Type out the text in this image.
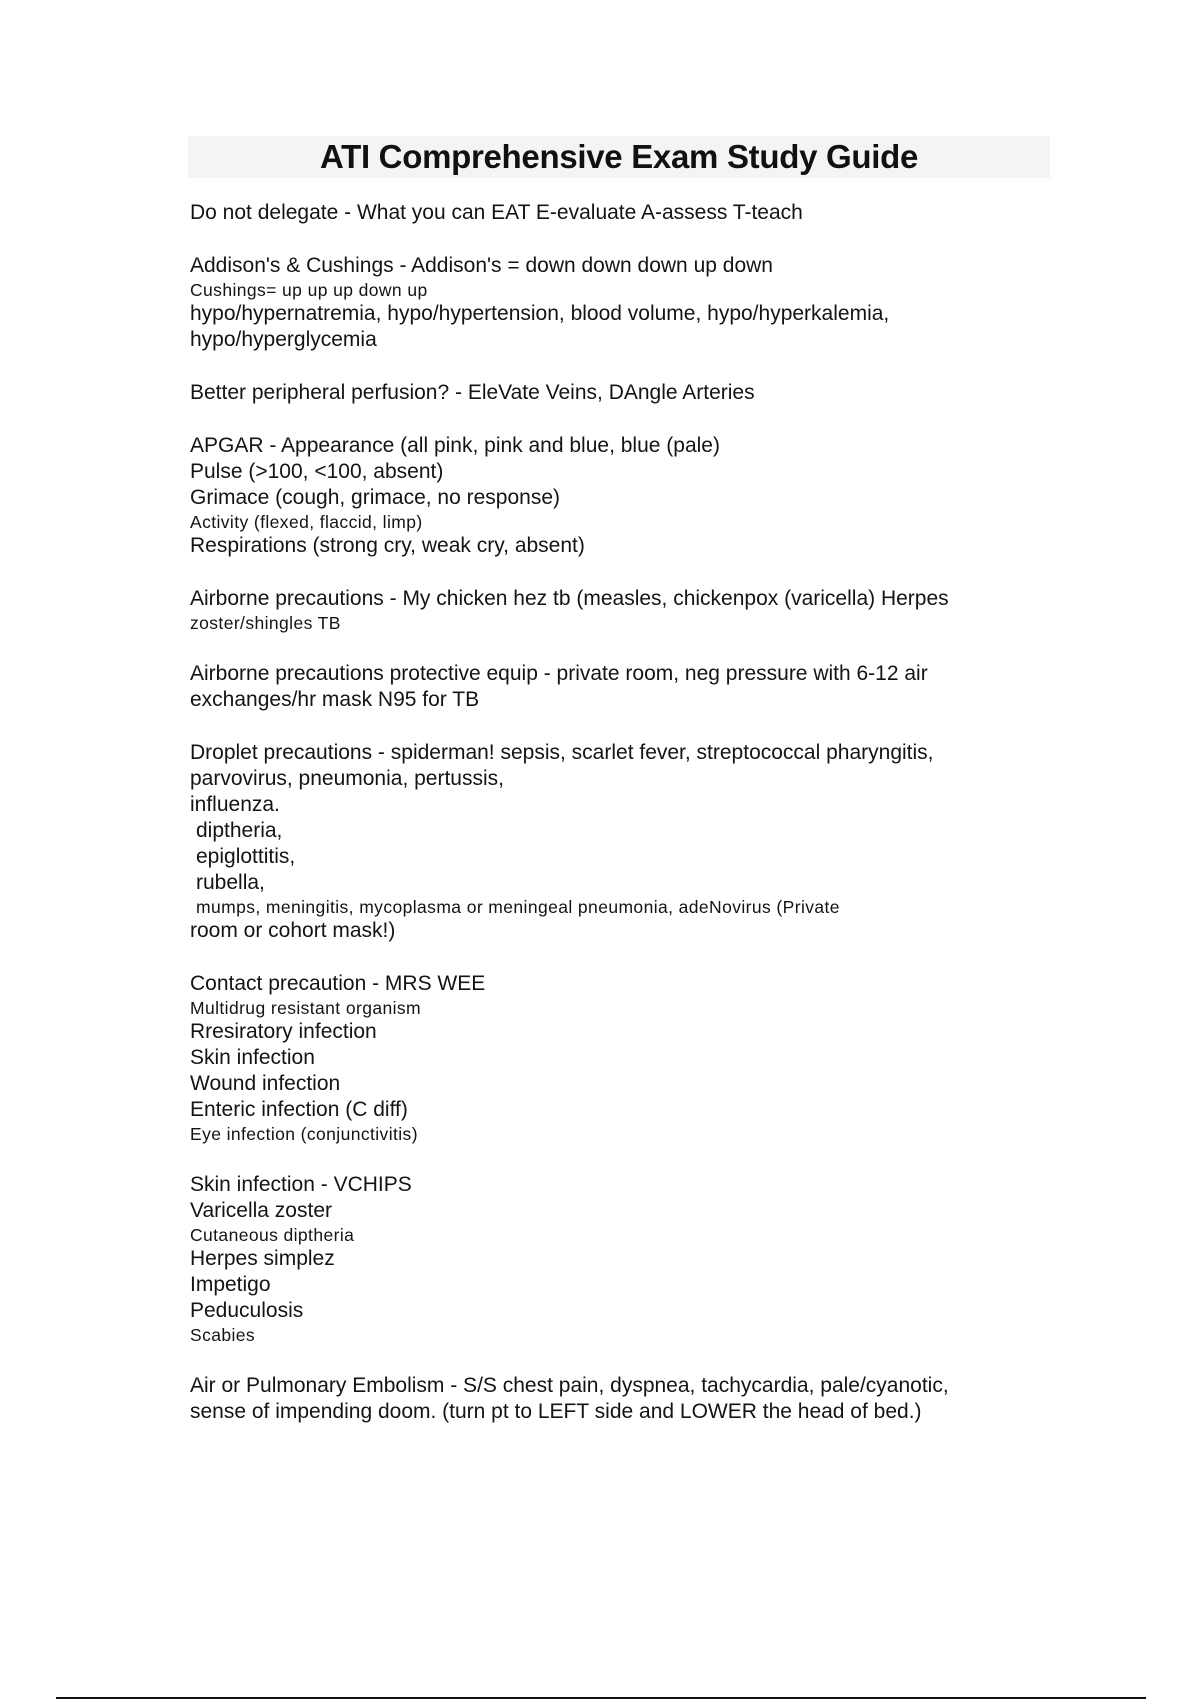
ATI Comprehensive Exam Study Guide
Do not delegate - What you can EAT E-evaluate A-assess T-teach
Addison's & Cushings - Addison's = down down down up down
Cushings= up up up down up
hypo/hypernatremia, hypo/hypertension, blood volume, hypo/hyperkalemia,
hypo/hyperglycemia
Better peripheral perfusion? - EleVate Veins, DAngle Arteries
APGAR - Appearance (all pink, pink and blue, blue (pale)
Pulse (>100, <100, absent)
Grimace (cough, grimace, no response)
Activity (flexed, flaccid, limp)
Respirations (strong cry, weak cry, absent)
Airborne precautions - My chicken hez tb (measles, chickenpox (varicella) Herpes
zoster/shingles TB
Airborne precautions protective equip - private room, neg pressure with 6-12 air
exchanges/hr mask N95 for TB
Droplet precautions - spiderman! sepsis, scarlet fever, streptococcal pharyngitis,
parvovirus, pneumonia, pertussis,
influenza.
diptheria,
epiglottitis,
rubella,
mumps, meningitis, mycoplasma or meningeal pneumonia, adeNovirus (Private
room or cohort mask!)
Contact precaution - MRS WEE
Multidrug resistant organism
Rresiratory infection
Skin infection
Wound infection
Enteric infection (C diff)
Eye infection (conjunctivitis)
Skin infection - VCHIPS
Varicella zoster
Cutaneous diptheria
Herpes simplez
Impetigo
Peduculosis
Scabies
Air or Pulmonary Embolism - S/S chest pain, dyspnea, tachycardia, pale/cyanotic,
sense of impending doom. (turn pt to LEFT side and LOWER the head of bed.)
